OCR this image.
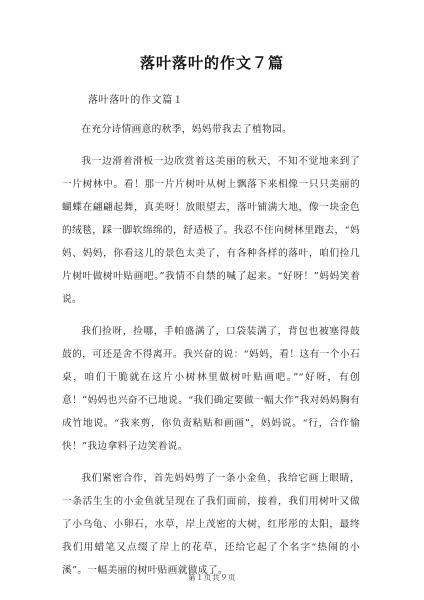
落叶落叶的作文７篇
落叶落叶的作文篇１

在充分诗情画意的秋季，妈妈带我去了植物园。

我一边滑着滑板一边欣赏着这美丽的秋天，不知不觉地来到了一片树林中。看！那一片片树叶从树上飘落下来相像一只只美丽的蝴蝶在翩翩起舞，真美呀！放眼望去，落叶铺满大地，像一块金色的绒毯，踩一脚软绵绵的，舒适极了。我忍不住向树林里跑去，“妈妈、妈妈，你看这儿的景色太美了，有各种各样的落叶，咱们捡几片树叶做树叶贴画吧。”我情不自禁的喊了起来。“好呀！”妈妈笑着说。

我们捡呀，捡哪，手帕盛满了，口袋装满了，背包也被塞得鼓鼓的，可还是舍不得离开。我兴奋的说：“妈妈，看！这有一个小石桌，咱们干脆就在这片小树林里做树叶贴画吧。”“好呀，有创意！”妈妈也兴奋不已地说。“我们确定要做一幅大作”我对妈妈胸有成竹地说。“我来剪，你负责粘贴和画画”，妈妈说。“行，合作愉快！”我边拿料子边笑着说。

我们紧密合作，首先妈妈剪了一条小金鱼，我给它画上眼睛，一条活生生的小金鱼就呈现在了我们面前，接着，我们用树叶又做了小乌龟、小卵石，水草，岸上茂密的大树，红彤彤的太阳，最终我们用蜡笔又点缀了岸上的花草，还给它起了个名字“热闹的小溪”。一幅美丽的树叶贴画就做成了。

第１页共９页
